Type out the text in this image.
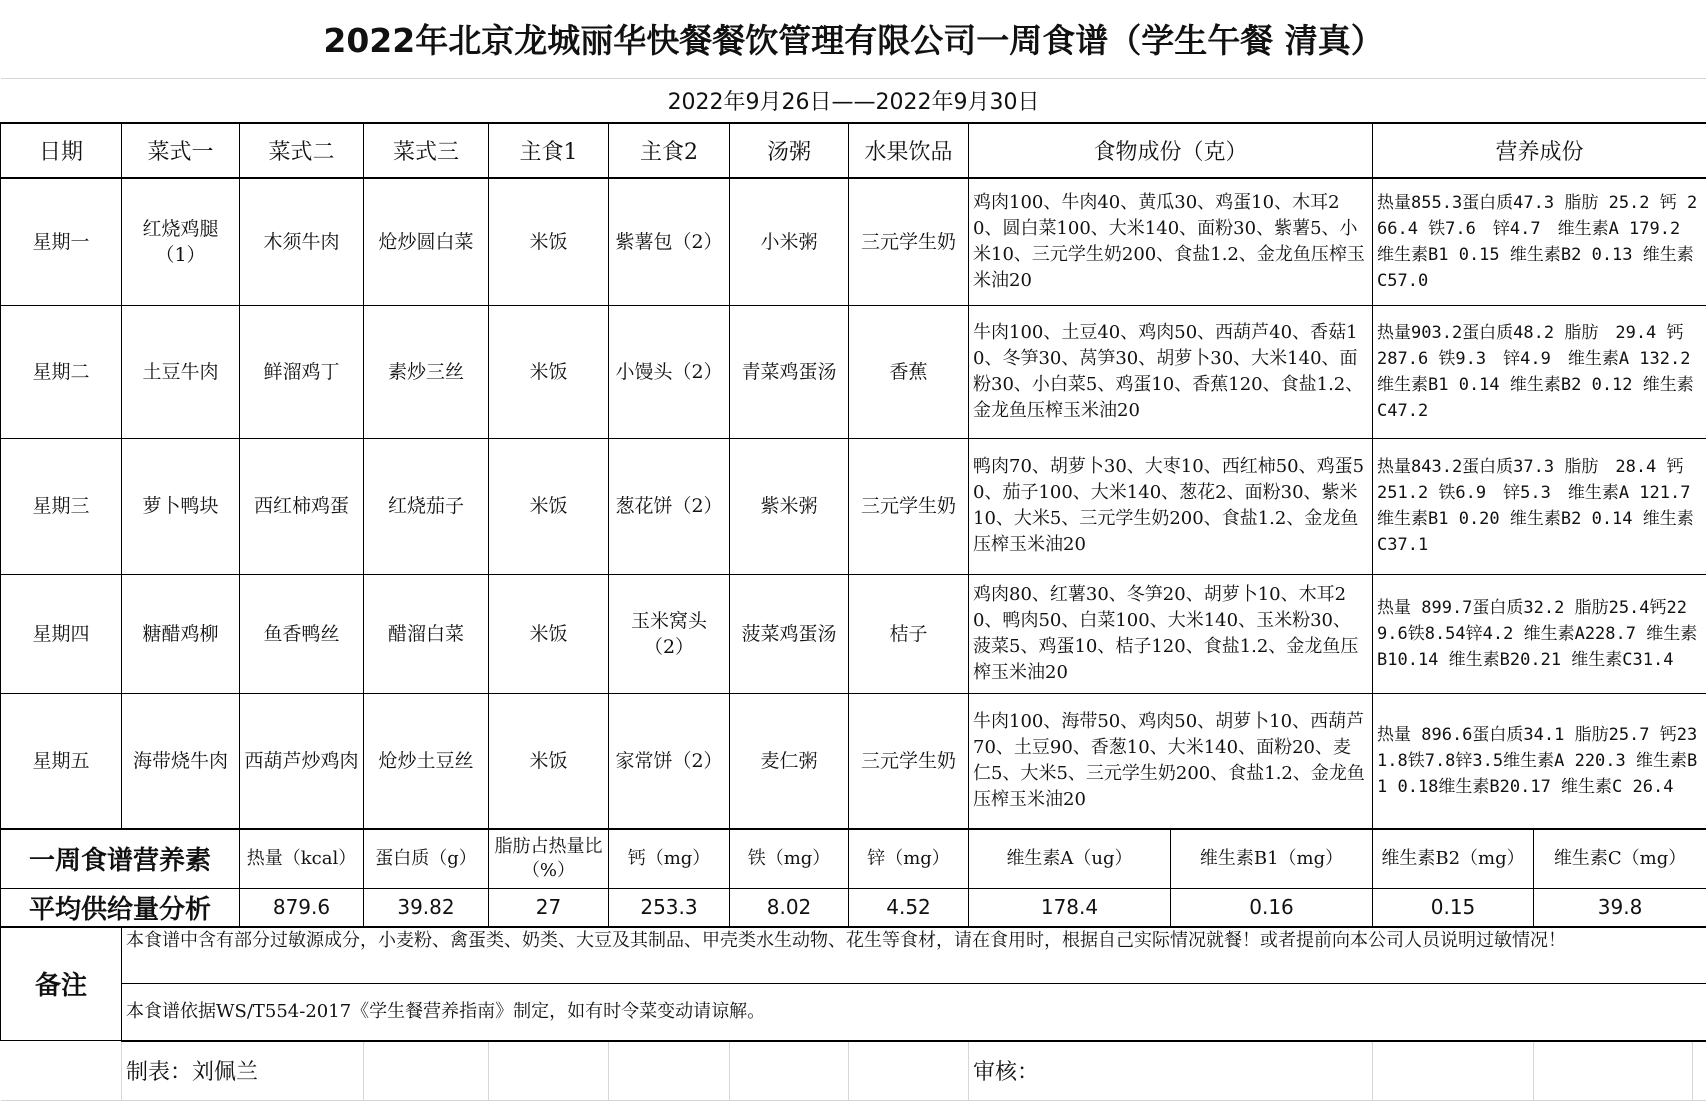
2022年北京龙城丽华快餐餐饮管理有限公司一周食谱（学生午餐 清真）												
2022年9月26日——2022年9月30日												
日期	菜式一	菜式二	菜式三	主食1	主食2	汤粥	水果饮品	食物成份（克）		营养成份		
星期一	红烧鸡腿（1）	木须牛肉	炝炒圆白菜	米饭	紫薯包（2）	小米粥	三元学生奶	鸡肉100、牛肉40、黄瓜30、鸡蛋10、木耳20、圆白菜100、大米140、面粉30、紫薯5、小米10、三元学生奶200、食盐1.2、金龙鱼压榨玉米油20		热量855.3蛋白质47.3 脂肪 25.2 钙 266.4 铁7.6　锌4.7　维生素A 179.2 维生素B1 0.15 维生素B2 0.13 维生素C57.0		
星期二	土豆牛肉	鲜溜鸡丁	素炒三丝	米饭	小馒头（2）	青菜鸡蛋汤	香蕉	牛肉100、土豆40、鸡肉50、西葫芦40、香菇10、冬笋30、莴笋30、胡萝卜30、大米140、面粉30、小白菜5、鸡蛋10、香蕉120、食盐1.2、金龙鱼压榨玉米油20		热量903.2蛋白质48.2 脂肪　29.4 钙 287.6 铁9.3　锌4.9　维生素A 132.2 维生素B1 0.14 维生素B2 0.12 维生素C47.2		
星期三	萝卜鸭块	西红柿鸡蛋	红烧茄子	米饭	葱花饼（2）	紫米粥	三元学生奶	鸭肉70、胡萝卜30、大枣10、西红柿50、鸡蛋50、茄子100、大米140、葱花2、面粉30、紫米10、大米5、三元学生奶200、食盐1.2、金龙鱼压榨玉米油20		热量843.2蛋白质37.3 脂肪　28.4 钙 251.2 铁6.9　锌5.3　维生素A 121.7 维生素B1 0.20 维生素B2 0.14 维生素C37.1		
星期四	糖醋鸡柳	鱼香鸭丝	醋溜白菜	米饭	玉米窝头（2）	菠菜鸡蛋汤	桔子	鸡肉80、红薯30、冬笋20、胡萝卜10、木耳20、鸭肉50、白菜100、大米140、玉米粉30、菠菜5、鸡蛋10、桔子120、食盐1.2、金龙鱼压榨玉米油20		热量 899.7蛋白质32.2 脂肪25.4钙229.6铁8.54锌4.2 维生素A228.7 维生素B10.14 维生素B20.21 维生素C31.4		
星期五	海带烧牛肉	西葫芦炒鸡肉	炝炒土豆丝	米饭	家常饼（2）	麦仁粥	三元学生奶	牛肉100、海带50、鸡肉50、胡萝卜10、西葫芦70、土豆90、香葱10、大米140、面粉20、麦仁5、大米5、三元学生奶200、食盐1.2、金龙鱼压榨玉米油20		热量 896.6蛋白质34.1 脂肪25.7 钙231.8铁7.8锌3.5维生素A 220.3 维生素B1 0.18维生素B20.17 维生素C 26.4		
一周食谱营养素		热量（kcal）	蛋白质（g）	脂肪占热量比（%）	钙（mg）	铁（mg）	锌（mg）	维生素A（ug）	维生素B1（mg）	维生素B2（mg）	维生素C（mg）	
平均供给量分析		879.6	39.82	27	253.3	8.02	4.52	178.4	0.16	0.15	39.8	
备注	本食谱中含有部分过敏源成分，小麦粉、禽蛋类、奶类、大豆及其制品、甲壳类水生动物、花生等食材，请在食用时，根据自己实际情况就餐！或者提前向本公司人员说明过敏情况！											
	本食谱依据WS/T554-2017《学生餐营养指南》制定，如有时令菜变动请谅解。											
	制表：刘佩兰							审核：				
